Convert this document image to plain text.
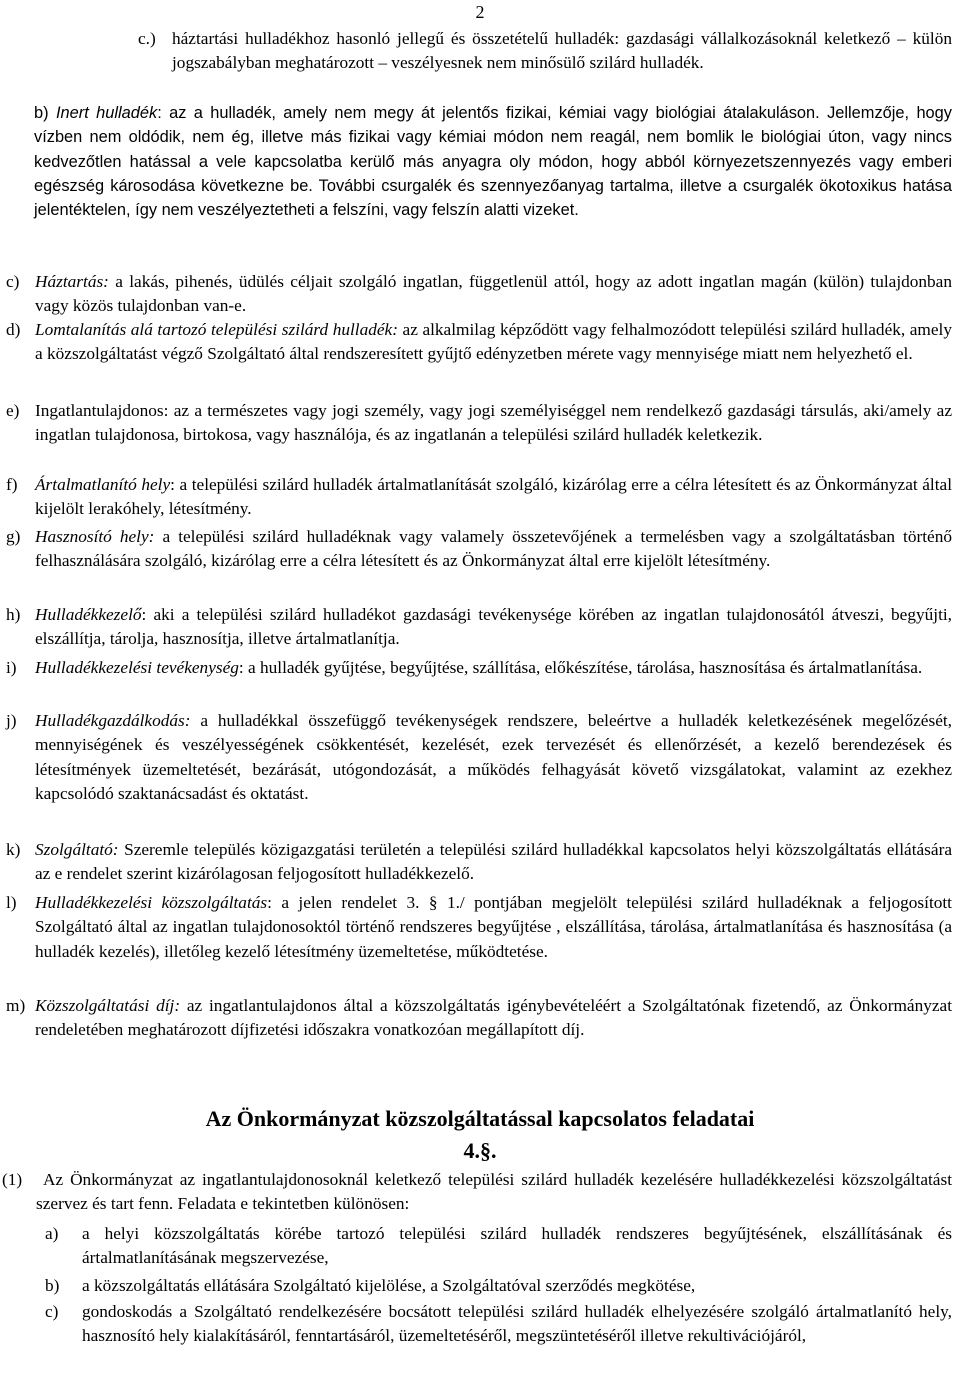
2
c.) háztartási hulladékhoz hasonló jellegű és összetételű hulladék: gazdasági vállalkozásoknál keletkező – külön jogszabályban meghatározott – veszélyesnek nem minősülő szilárd hulladék.
b) Inert hulladék: az a hulladék, amely nem megy át jelentős fizikai, kémiai vagy biológiai átalakuláson. Jellemzője, hogy vízben nem oldódik, nem ég, illetve más fizikai vagy kémiai módon nem reagál, nem bomlik le biológiai úton, vagy nincs kedvezőtlen hatással a vele kapcsolatba kerülő más anyagra oly módon, hogy abból környezetszennyezés vagy emberi egészség károsodása következne be. További csurgalék és szennyezőanyag tartalma, illetve a csurgalék ökotoxikus hatása jelentéktelen, így nem veszélyeztetheti a felszíni, vagy felszín alatti vizeket.
c) Háztartás: a lakás, pihenés, üdülés céljait szolgáló ingatlan, függetlenül attól, hogy az adott ingatlan magán (külön) tulajdonban vagy közös tulajdonban van-e.
d) Lomtalanítás alá tartozó települési szilárd hulladék: az alkalmilag képződött vagy felhalmozódott települési szilárd hulladék, amely a közszolgáltatást végző Szolgáltató által rendszeresített gyűjtő edényzetben mérete vagy mennyisége miatt nem helyezhető el.
e) Ingatlantulajdonos: az a természetes vagy jogi személy, vagy jogi személyiséggel nem rendelkező gazdasági társulás, aki/amely az ingatlan tulajdonosa, birtokosa, vagy használója, és az ingatlanán a települési szilárd hulladék keletkezik.
f) Ártalmatlanító hely: a települési szilárd hulladék ártalmatlanítását szolgáló, kizárólag erre a célra létesített és az Önkormányzat által kijelölt lerakóhely, létesítmény.
g) Hasznosító hely: a települési szilárd hulladéknak vagy valamely összetevőjének a termelésben vagy a szolgáltatásban történő felhasználására szolgáló, kizárólag erre a célra létesített és az Önkormányzat által erre kijelölt létesítmény.
h) Hulladékkezelő: aki a települési szilárd hulladékot gazdasági tevékenysége körében az ingatlan tulajdonosától átveszi, begyűjti, elszállítja, tárolja, hasznosítja, illetve ártalmatlanítja.
i) Hulladékkezelési tevékenység: a hulladék gyűjtése, begyűjtése, szállítása, előkészítése, tárolása, hasznosítása és ártalmatlanítása.
j) Hulladékgazdálkodás: a hulladékkal összefüggő tevékenységek rendszere, beleértve a hulladék keletkezésének megelőzését, mennyiségének és veszélyességének csökkentését, kezelését, ezek tervezését és ellenőrzését, a kezelő berendezések és létesítmények üzemeltetését, bezárását, utógondozását, a működés felhagyását követő vizsgálatokat, valamint az ezekhez kapcsolódó szaktanácsadást és oktatást.
k) Szolgáltató: Szeremle település közigazgatási területén a települési szilárd hulladékkal kapcsolatos helyi közszolgáltatás ellátására az e rendelet szerint kizárólagosan feljogosított hulladékkezelő.
l) Hulladékkezelési közszolgáltatás: a jelen rendelet 3. § 1./ pontjában megjelölt települési szilárd hulladéknak a feljogosított Szolgáltató által az ingatlan tulajdonosoktól történő rendszeres begyűjtése , elszállítása, tárolása, ártalmatlanítása és hasznosítása (a hulladék kezelés), illetőleg kezelő létesítmény üzemeltetése, működtetése.
m) Közszolgáltatási díj: az ingatlantulajdonos által a közszolgáltatás igénybevételéért a Szolgáltatónak fizetendő, az Önkormányzat rendeletében meghatározott díjfizetési időszakra vonatkozóan megállapított díj.
Az Önkormányzat közszolgáltatással kapcsolatos feladatai
4.§.
(1) Az Önkormányzat az ingatlantulajdonosoknál keletkező települési szilárd hulladék kezelésére hulladékkezelési közszolgáltatást szervez és tart fenn. Feladata e tekintetben különösen:
a) a helyi közszolgáltatás körébe tartozó települési szilárd hulladék rendszeres begyűjtésének, elszállításának és ártalmatlanításának megszervezése,
b) a közszolgáltatás ellátására Szolgáltató kijelölése, a Szolgáltatóval szerződés megkötése,
c) gondoskodás a Szolgáltató rendelkezésére bocsátott települési szilárd hulladék elhelyezésére szolgáló ártalmatlanító hely, hasznosító hely kialakításáról, fenntartásáról, üzemeltetéséről, megszüntetéséről illetve rekultivációjáról,
